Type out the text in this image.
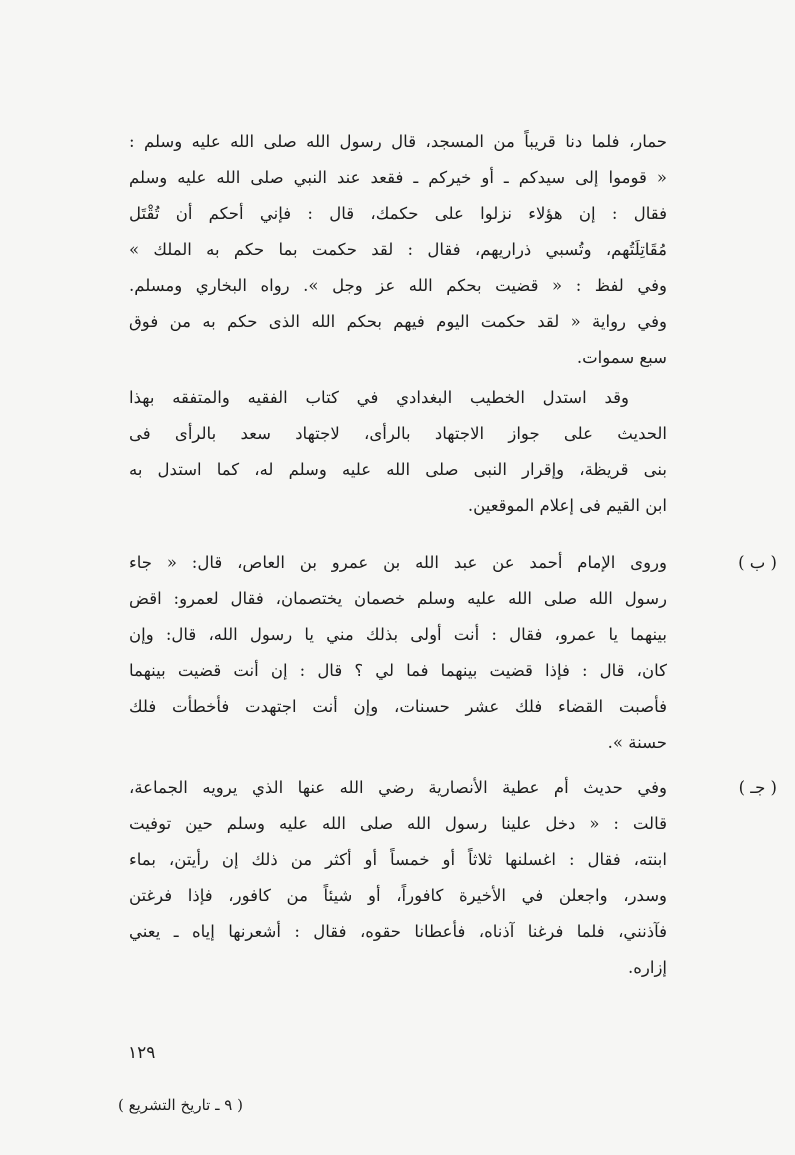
حمار، فلما دنا قريباً من المسجد، قال رسول الله صلى الله عليه وسلم :
« قوموا إلى سيدكم ـ أو خيركم ـ فقعد عند النبي صلى الله عليه وسلم
فقال : إن هؤلاء نزلوا على حكمك، قال : فإني أحكم أن تُقْتَل
مُقَاتِلَتُهم، وتُسبي ذراريهم، فقال : لقد حكمت بما حكم به الملك »
وفي لفظ : « قضيت بحكم الله عز وجل ». رواه البخاري ومسلم.
وفي رواية « لقد حكمت اليوم فيهم بحكم الله الذى حكم به من فوق
سبع سموات.
وقد استدل الخطيب البغدادي في كتاب الفقيه والمتفقه بهذا
الحديث على جواز الاجتهاد بالرأى، لاجتهاد سعد بالرأى فى
بنى قريظة، وإقرار النبى صلى الله عليه وسلم له، كما استدل به
ابن القيم فى إعلام الموقعين.
( ب )
وروى الإمام أحمد عن عبد الله بن عمرو بن العاص، قال: « جاء
رسول الله صلى الله عليه وسلم خصمان يختصمان، فقال لعمرو: اقض
بينهما يا عمرو، فقال : أنت أولى بذلك مني يا رسول الله، قال: وإن
كان، قال : فإذا قضيت بينهما فما لي ؟ قال : إن أنت قضيت بينهما
فأصبت القضاء فلك عشر حسنات، وإن أنت اجتهدت فأخطأت فلك
حسنة ».
( جـ )
وفي حديث أم عطية الأنصارية رضي الله عنها الذي يرويه الجماعة،
قالت : « دخل علينا رسول الله صلى الله عليه وسلم حين توفيت
ابنته، فقال : اغسلنها ثلاثاً أو خمساً أو أكثر من ذلك إن رأيتن، بماء
وسدر، واجعلن في الأخيرة كافوراً، أو شيئاً من كافور، فإذا فرغتن
فآذنني، فلما فرغنا آذناه، فأعطانا حقوه، فقال : أشعرنها إياه ـ يعني
إزاره.
١٢٩
( ٩ ـ تاريخ التشريع )
